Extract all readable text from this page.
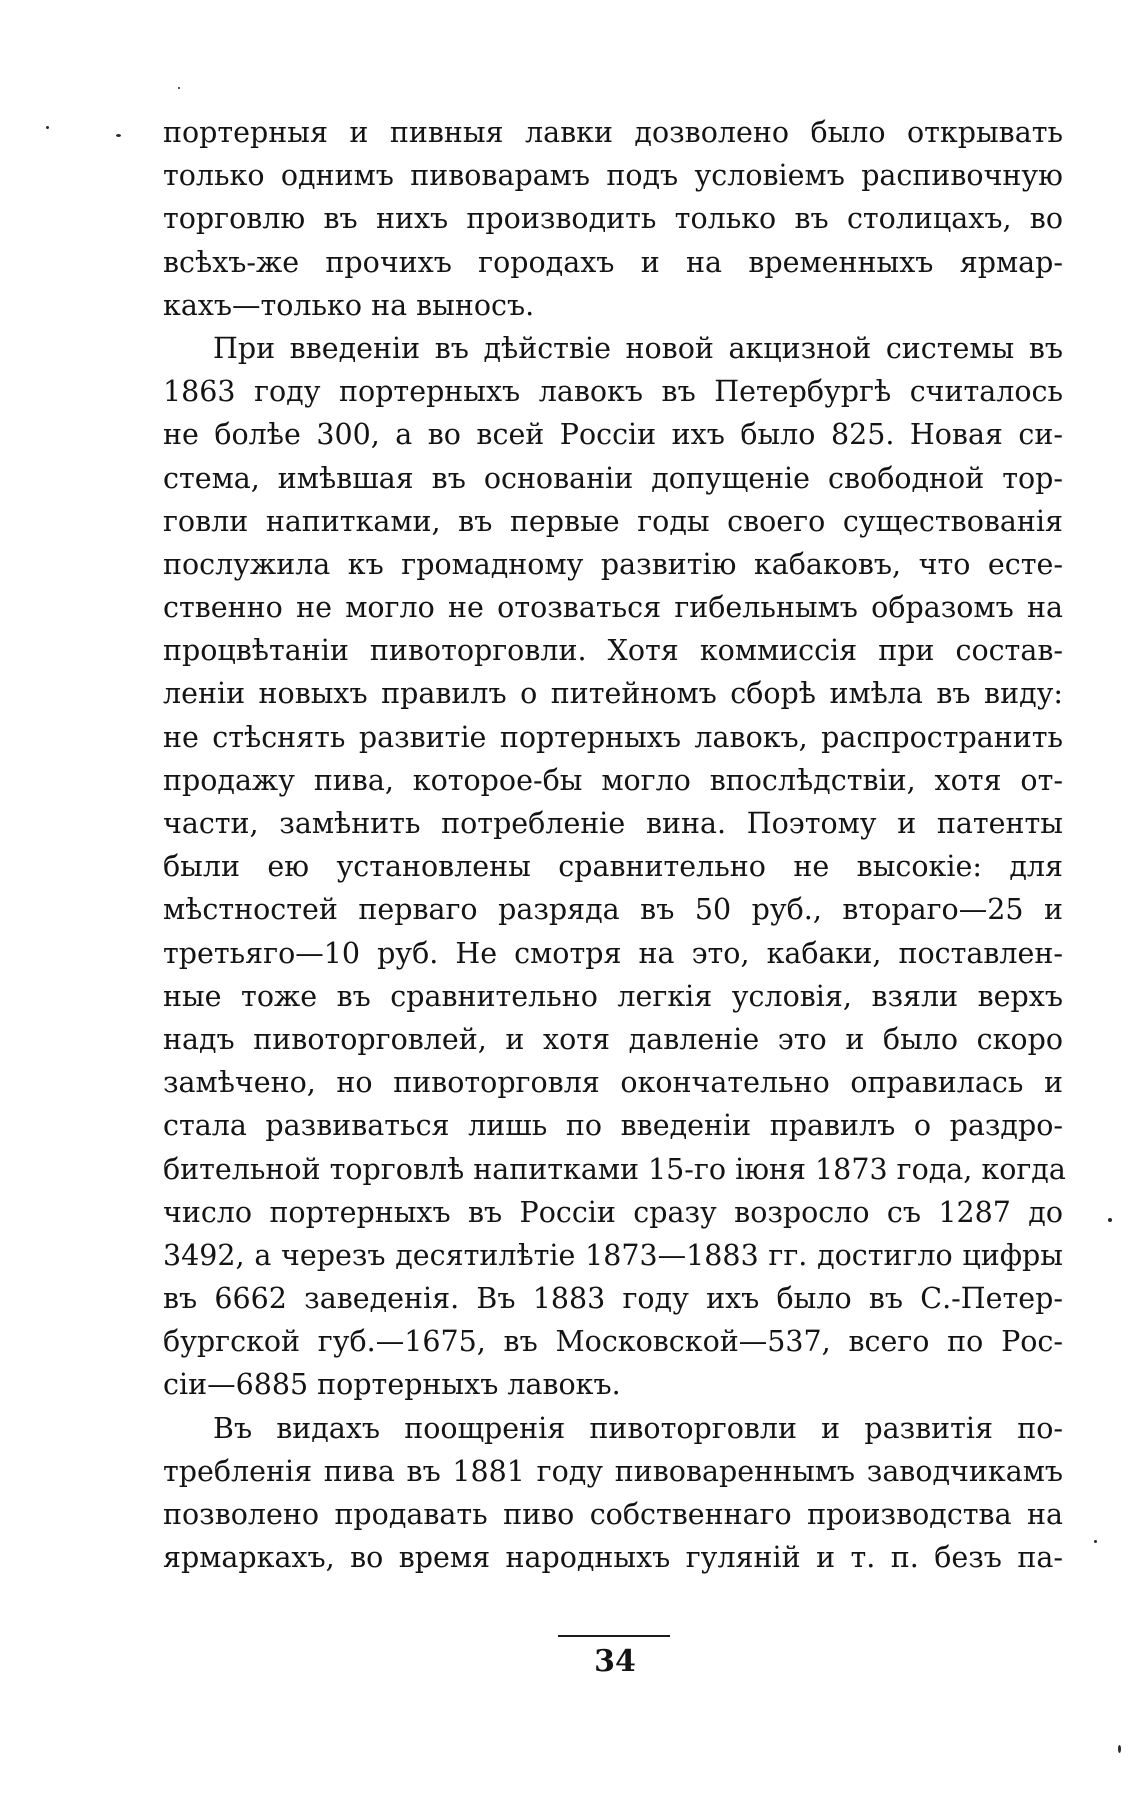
портерныя и пивныя лавки дозволено было открывать
только однимъ пивоварамъ подъ условіемъ распивочную
торговлю въ нихъ производить только въ столицахъ, во
всѣхъ-же прочихъ городахъ и на временныхъ ярмар-
кахъ—только на выносъ.

При введеніи въ дѣйствіе новой акцизной системы въ
1863 году портерныхъ лавокъ въ Петербургѣ считалось
не болѣе 300, а во всей Россіи ихъ было 825. Новая си-
стема, имѣвшая въ основаніи допущеніе свободной тор-
говли напитками, въ первые годы своего существованія
послужила къ громадному развитію кабаковъ, что есте-
ственно не могло не отозваться гибельнымъ образомъ на
процвѣтаніи пивоторговли. Хотя коммиссія при состав-
леніи новыхъ правилъ о питейномъ сборѣ имѣла въ виду:
не стѣснять развитіе портерныхъ лавокъ, распространить
продажу пива, которое-бы могло впослѣдствіи, хотя от-
части, замѣнить потребленіе вина. Поэтому и патенты
были ею установлены сравнительно не высокіе: для
мѣстностей перваго разряда въ 50 руб., втораго—25 и
третьяго—10 руб. Не смотря на это, кабаки, поставлен-
ные тоже въ сравнительно легкія условія, взяли верхъ
надъ пивоторговлей, и хотя давленіе это и было скоро
замѣчено, но пивоторговля окончательно оправилась и
стала развиваться лишь по введеніи правилъ о раздро-
бительной торговлѣ напитками 15-го іюня 1873 года, когда
число портерныхъ въ Россіи сразу возросло съ 1287 до
3492, а черезъ десятилѣтіе 1873—1883 гг. достигло цифры
въ 6662 заведенія. Въ 1883 году ихъ было въ С.-Петер-
бургской губ.—1675, въ Московской—537, всего по Рос-
сіи—6885 портерныхъ лавокъ.

Въ видахъ поощренія пивоторговли и развитія по-
требленія пива въ 1881 году пивовареннымъ заводчикамъ
позволено продавать пиво собственнаго производства на
ярмаркахъ, во время народныхъ гуляній и т. п. безъ па-

34
